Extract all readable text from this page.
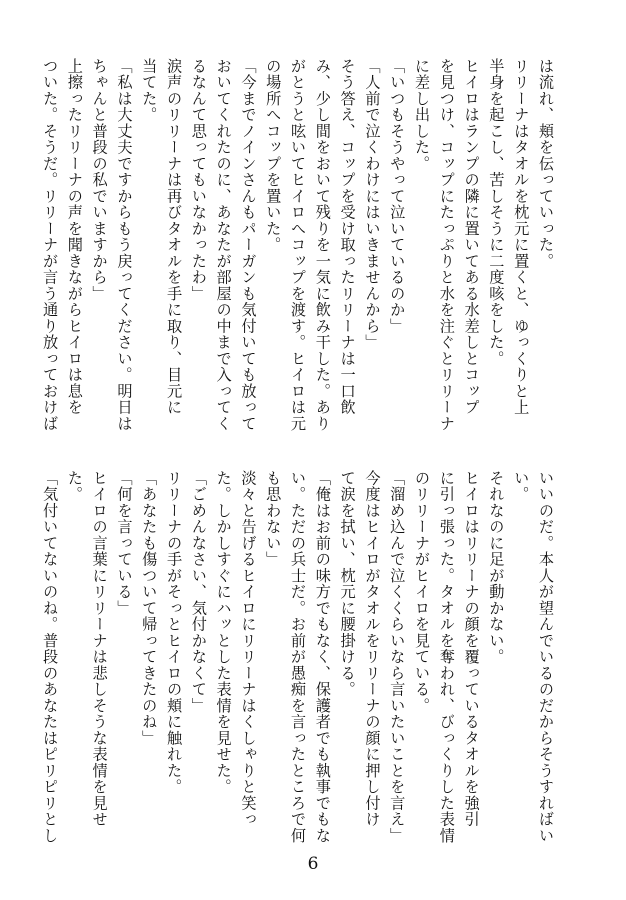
は流れ、頬を伝っていった。
リリーナはタオルを枕元に置くと、ゆっくりと上
半身を起こし、苦しそうに二度咳をした。
ヒイロはランプの隣に置いてある水差しとコップ
を見つけ、コップにたっぷりと水を注ぐとリリーナ
に差し出した。
「いつもそうやって泣いているのか」
「人前で泣くわけにはいきませんから」
そう答え、コップを受け取ったリリーナは一口飲
み、少し間をおいて残りを一気に飲み干した。あり
がとうと呟いてヒイロへコップを渡す。ヒイロは元
の場所へコップを置いた。
「今までノインさんもパーガンも気付いても放って
おいてくれたのに、あなたが部屋の中まで入ってく
るなんて思ってもいなかったわ」
涙声のリリーナは再びタオルを手に取り、目元に
当てた。
「私は大丈夫ですからもう戻ってください。明日は
ちゃんと普段の私でいますから」
上擦ったリリーナの声を聞きながらヒイロは息を
ついた。そうだ。リリーナが言う通り放っておけば
いいのだ。本人が望んでいるのだからそうすればい
い。
それなのに足が動かない。
ヒイロはリリーナの顔を覆っているタオルを強引
に引っ張った。タオルを奪われ、びっくりした表情
のリリーナがヒイロを見ている。
「溜め込んで泣くくらいなら言いたいことを言え」
今度はヒイロがタオルをリリーナの顔に押し付け
て涙を拭い、枕元に腰掛ける。
「俺はお前の味方でもなく、保護者でも執事でもな
い。ただの兵士だ。お前が愚痴を言ったところで何
も思わない」
淡々と告げるヒイロにリリーナはくしゃりと笑っ
た。しかしすぐにハッとした表情を見せた。
「ごめんなさい、気付かなくて」
リリーナの手がそっとヒイロの頬に触れた。
「あなたも傷ついて帰ってきたのね」
「何を言っている」
ヒイロの言葉にリリーナは悲しそうな表情を見せ
た。
「気付いてないのね。普段のあなたはピリピリとし
6
